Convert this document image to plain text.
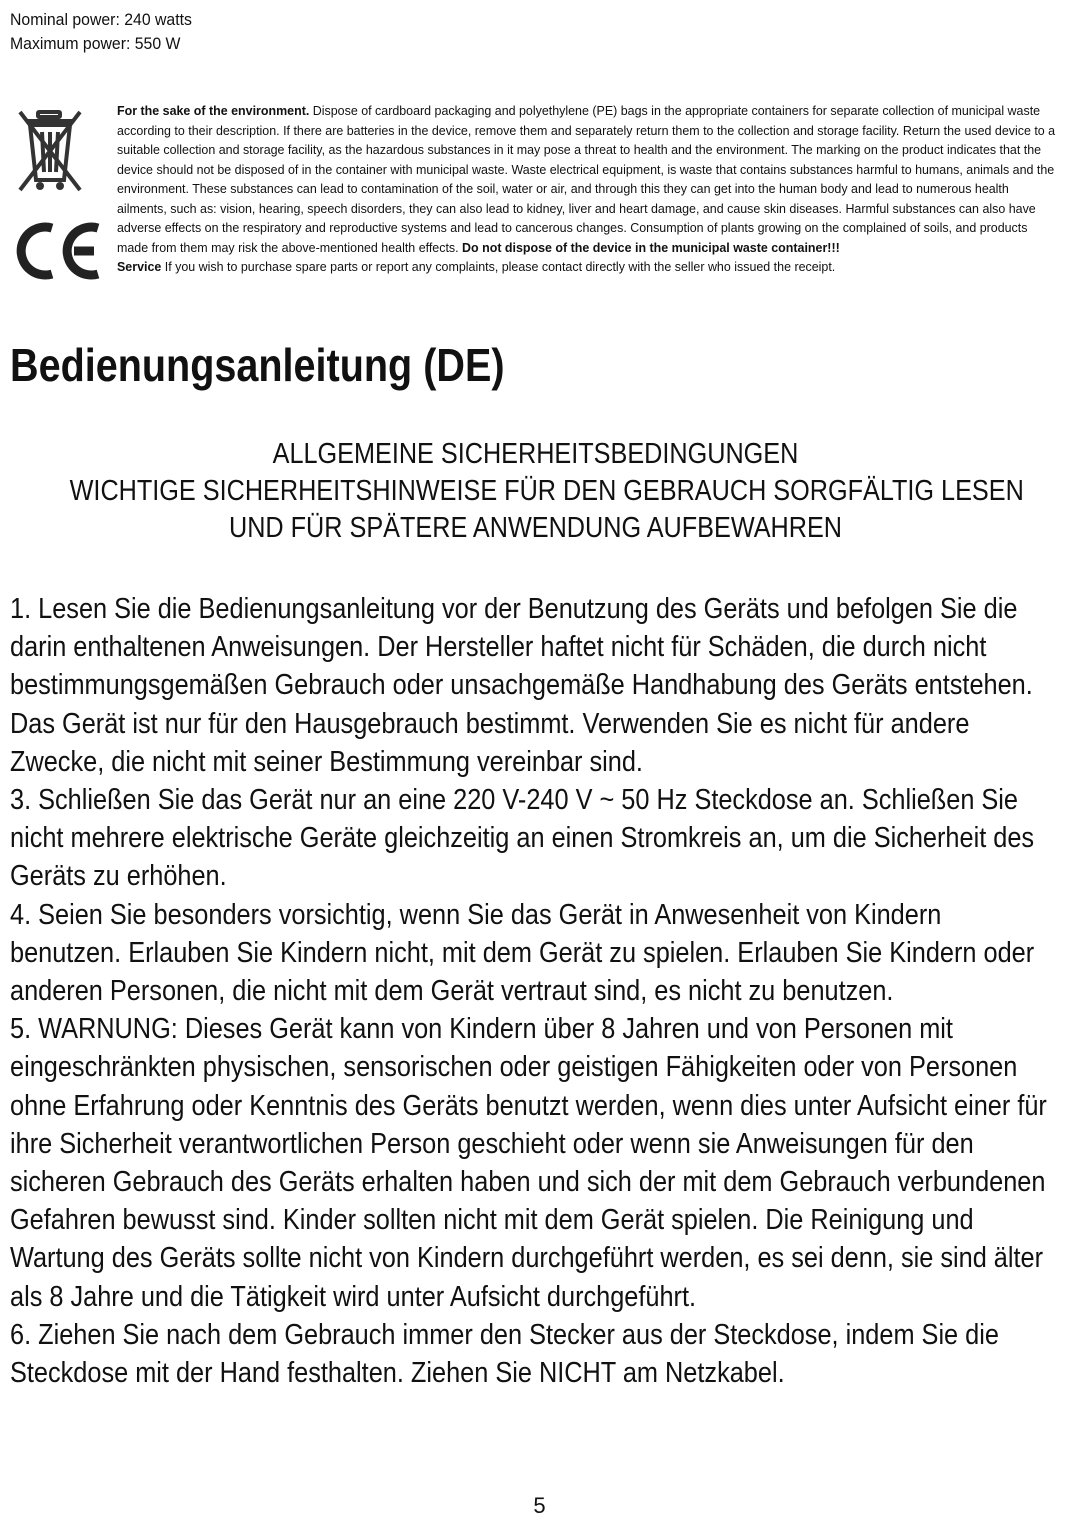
Nominal power: 240 watts
Maximum power: 550 W

For the sake of the environment. Dispose of cardboard packaging and polyethylene (PE) bags in the appropriate containers for separate collection of municipal waste according to their description. If there are batteries in the device, remove them and separately return them to the collection and storage facility. Return the used device to a suitable collection and storage facility, as the hazardous substances in it may pose a threat to health and the environment. The marking on the product indicates that the device should not be disposed of in the container with municipal waste. Waste electrical equipment, is waste that contains substances harmful to humans, animals and the environment. These substances can lead to contamination of the soil, water or air, and through this they can get into the human body and lead to numerous health ailments, such as: vision, hearing, speech disorders, they can also lead to kidney, liver and heart damage, and cause skin diseases. Harmful substances can also have adverse effects on the respiratory and reproductive systems and lead to cancerous changes. Consumption of plants growing on the complained of soils, and products made from them may risk the above-mentioned health effects. Do not dispose of the device in the municipal waste container!!!

Service If you wish to purchase spare parts or report any complaints, please contact directly with the seller who issued the receipt.

Bedienungsanleitung (DE)
ALLGEMEINE SICHERHEITSBEDINGUNGEN
WICHTIGE SICHERHEITSHINWEISE FÜR DEN GEBRAUCH SORGFÄLTIG LESEN
UND FÜR SPÄTERE ANWENDUNG AUFBEWAHREN

1. Lesen Sie die Bedienungsanleitung vor der Benutzung des Geräts und befolgen Sie die darin enthaltenen Anweisungen. Der Hersteller haftet nicht für Schäden, die durch nicht bestimmungsgemäßen Gebrauch oder unsachgemäße Handhabung des Geräts entstehen.

Das Gerät ist nur für den Hausgebrauch bestimmt. Verwenden Sie es nicht für andere Zwecke, die nicht mit seiner Bestimmung vereinbar sind.

3. Schließen Sie das Gerät nur an eine 220 V-240 V ~ 50 Hz Steckdose an. Schließen Sie nicht mehrere elektrische Geräte gleichzeitig an einen Stromkreis an, um die Sicherheit des Geräts zu erhöhen.

4. Seien Sie besonders vorsichtig, wenn Sie das Gerät in Anwesenheit von Kindern benutzen. Erlauben Sie Kindern nicht, mit dem Gerät zu spielen. Erlauben Sie Kindern oder anderen Personen, die nicht mit dem Gerät vertraut sind, es nicht zu benutzen.

5. WARNUNG: Dieses Gerät kann von Kindern über 8 Jahren und von Personen mit eingeschränkten physischen, sensorischen oder geistigen Fähigkeiten oder von Personen ohne Erfahrung oder Kenntnis des Geräts benutzt werden, wenn dies unter Aufsicht einer für ihre Sicherheit verantwortlichen Person geschieht oder wenn sie Anweisungen für den sicheren Gebrauch des Geräts erhalten haben und sich der mit dem Gebrauch verbundenen Gefahren bewusst sind. Kinder sollten nicht mit dem Gerät spielen. Die Reinigung und Wartung des Geräts sollte nicht von Kindern durchgeführt werden, es sei denn, sie sind älter als 8 Jahre und die Tätigkeit wird unter Aufsicht durchgeführt.

6. Ziehen Sie nach dem Gebrauch immer den Stecker aus der Steckdose, indem Sie die Steckdose mit der Hand festhalten. Ziehen Sie NICHT am Netzkabel.

5
